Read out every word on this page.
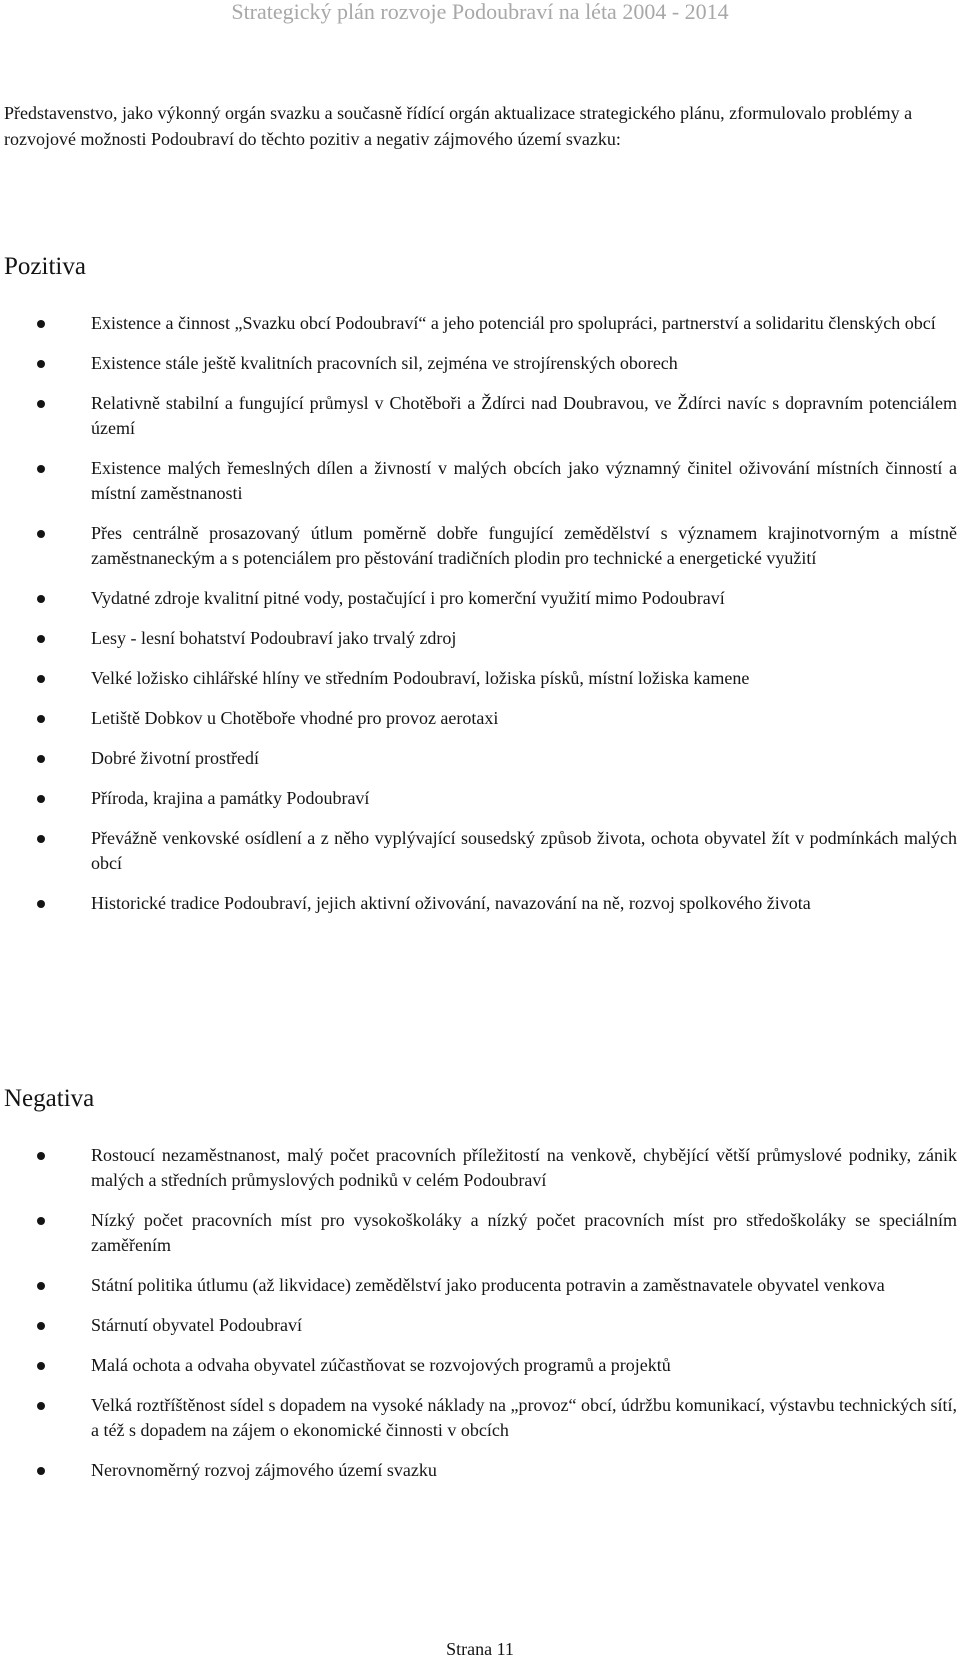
Strategický plán rozvoje Podoubraví na léta 2004 - 2014

Představenstvo, jako výkonný orgán svazku a současně řídící orgán aktualizace strategického plánu, zformulovalo problémy a rozvojové možnosti Podoubraví do těchto pozitiv a negativ zájmového území svazku:

Pozitiva
Existence a činnost „Svazku obcí Podoubraví“ a jeho potenciál pro spolupráci, partnerství a solidaritu členských obcí
Existence stále ještě kvalitních pracovních sil, zejména ve strojírenských oborech
Relativně stabilní a fungující průmysl v Chotěboři a Ždírci nad Doubravou, ve Ždírci navíc s dopravním potenciálem území
Existence malých řemeslných dílen a živností v malých obcích jako významný činitel oživování místních činností a místní zaměstnanosti
Přes centrálně prosazovaný útlum poměrně dobře fungující zemědělství s významem krajinotvorným a místně zaměstnaneckým a s potenciálem pro pěstování tradičních plodin pro technické a energetické využití
Vydatné zdroje kvalitní pitné vody, postačující i pro komerční využití mimo Podoubraví
Lesy - lesní bohatství Podoubraví jako trvalý zdroj
Velké ložisko cihlářské hlíny ve středním Podoubraví, ložiska písků, místní ložiska kamene
Letiště Dobkov u Chotěboře vhodné pro provoz aerotaxi
Dobré životní prostředí
Příroda, krajina a památky Podoubraví
Převážně venkovské osídlení a z něho vyplývající sousedský způsob života, ochota obyvatel žít v podmínkách malých obcí
Historické tradice Podoubraví, jejich aktivní oživování, navazování na ně, rozvoj spolkového života
Negativa
Rostoucí nezaměstnanost, malý počet pracovních příležitostí na venkově, chybějící větší průmyslové podniky, zánik malých a středních průmyslových podniků v celém Podoubraví
Nízký počet pracovních míst pro vysokoškoláky a nízký počet pracovních míst pro středoškoláky se speciálním zaměřením
Státní politika útlumu (až likvidace) zemědělství jako producenta potravin a zaměstnavatele obyvatel venkova
Stárnutí obyvatel Podoubraví
Malá ochota a odvaha obyvatel zúčastňovat se rozvojových programů a projektů
Velká roztříštěnost sídel s dopadem na vysoké náklady na „provoz“ obcí, údržbu komunikací, výstavbu technických sítí, a též s dopadem na zájem o ekonomické činnosti v obcích
Nerovnoměrný rozvoj zájmového území svazku

Strana 11
